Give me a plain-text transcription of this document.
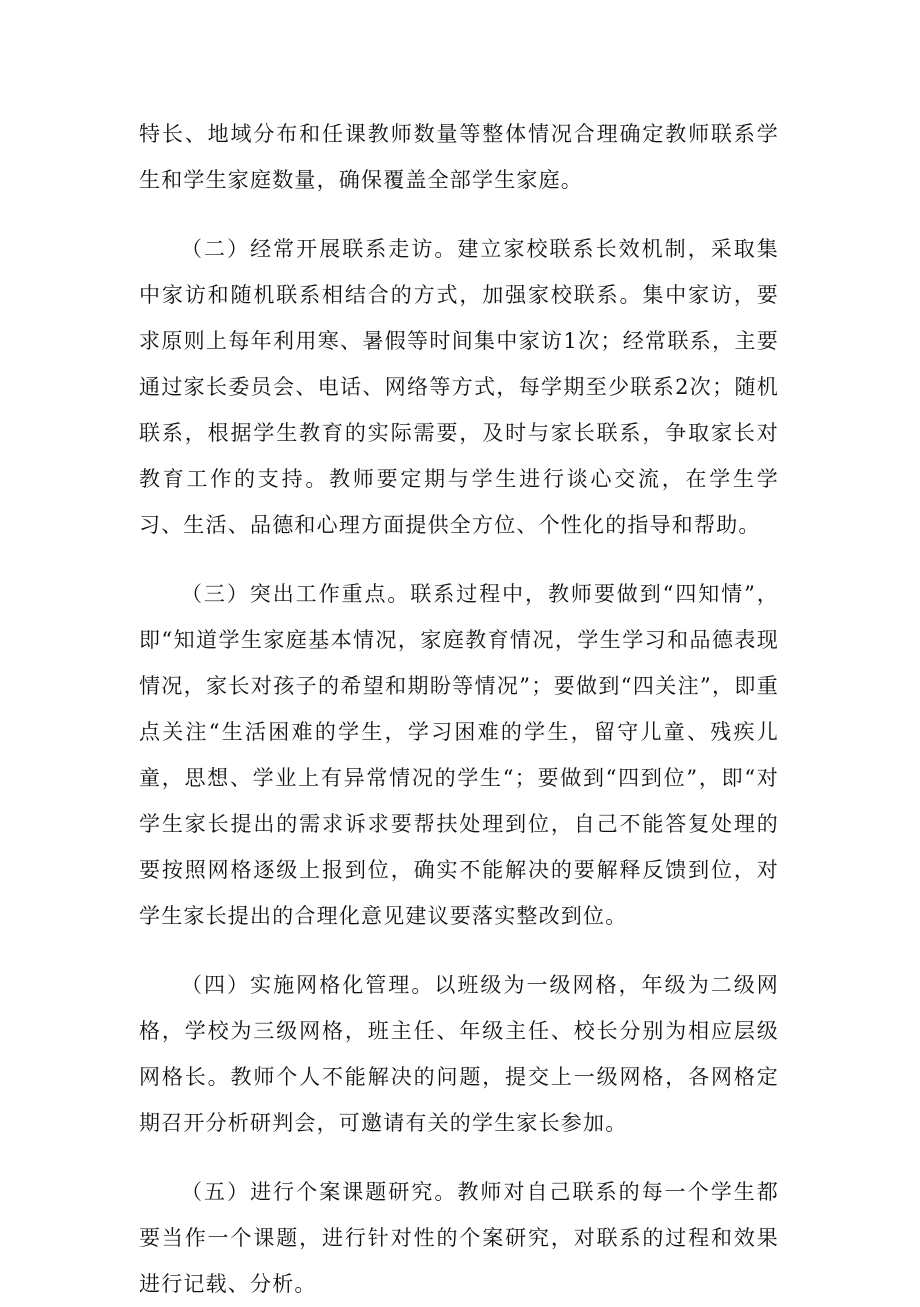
特长、地域分布和任课教师数量等整体情况合理确定教师联系学生和学生家庭数量，确保覆盖全部学生家庭。

（二）经常开展联系走访。建立家校联系长效机制，采取集中家访和随机联系相结合的方式，加强家校联系。集中家访，要求原则上每年利用寒、暑假等时间集中家访1次；经常联系，主要通过家长委员会、电话、网络等方式，每学期至少联系2次；随机联系，根据学生教育的实际需要，及时与家长联系，争取家长对教育工作的支持。教师要定期与学生进行谈心交流，在学生学习、生活、品德和心理方面提供全方位、个性化的指导和帮助。

（三）突出工作重点。联系过程中，教师要做到“四知情”，即“知道学生家庭基本情况，家庭教育情况，学生学习和品德表现情况，家长对孩子的希望和期盼等情况”；要做到“四关注”，即重点关注“生活困难的学生，学习困难的学生，留守儿童、残疾儿童，思想、学业上有异常情况的学生“；要做到“四到位”，即“对学生家长提出的需求诉求要帮扶处理到位，自己不能答复处理的要按照网格逐级上报到位，确实不能解决的要解释反馈到位，对学生家长提出的合理化意见建议要落实整改到位。

（四）实施网格化管理。以班级为一级网格，年级为二级网格，学校为三级网格，班主任、年级主任、校长分别为相应层级网格长。教师个人不能解决的问题，提交上一级网格，各网格定期召开分析研判会，可邀请有关的学生家长参加。

（五）进行个案课题研究。教师对自己联系的每一个学生都要当作一个课题，进行针对性的个案研究，对联系的过程和效果进行记载、分析。
